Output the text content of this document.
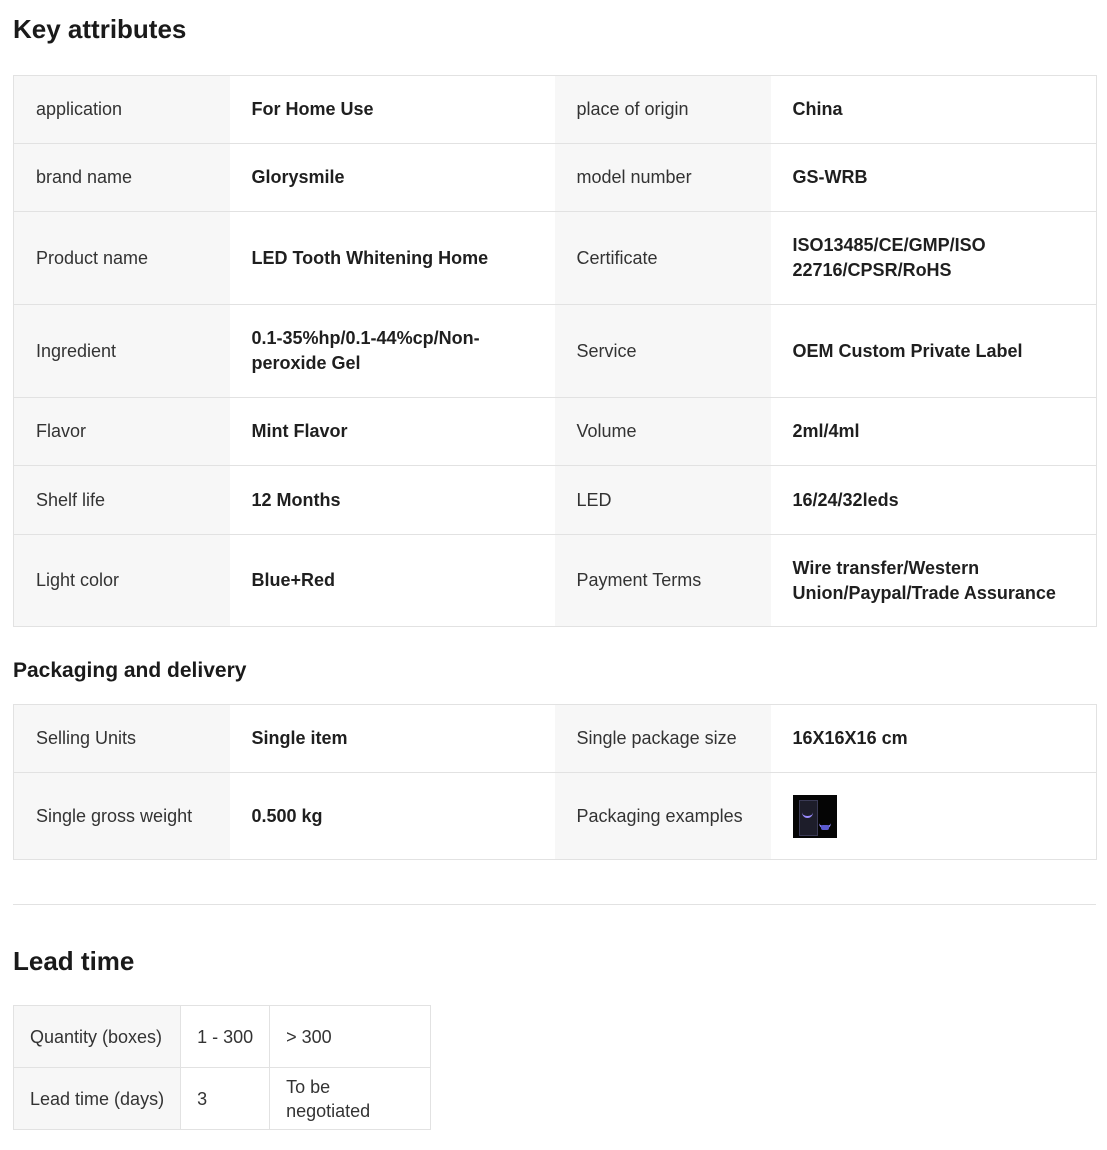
Key attributes
application	For Home Use	place of origin	China
brand name	Glorysmile	model number	GS-WRB
Product name	LED Tooth Whitening Home	Certificate	ISO13485/CE/GMP/ISO 22716/CPSR/RoHS
Ingredient	0.1-35%hp/0.1-44%cp/Non-peroxide Gel	Service	OEM Custom Private Label
Flavor	Mint Flavor	Volume	2ml/4ml
Shelf life	12 Months	LED	16/24/32leds
Light color	Blue+Red	Payment Terms	Wire transfer/Western Union/Paypal/Trade Assurance
Packaging and delivery
Selling Units	Single item	Single package size	16X16X16 cm
Single gross weight	0.500 kg	Packaging examples	
Lead time
Quantity (boxes)	1 - 300	> 300
Lead time (days)	3	To be negotiated
